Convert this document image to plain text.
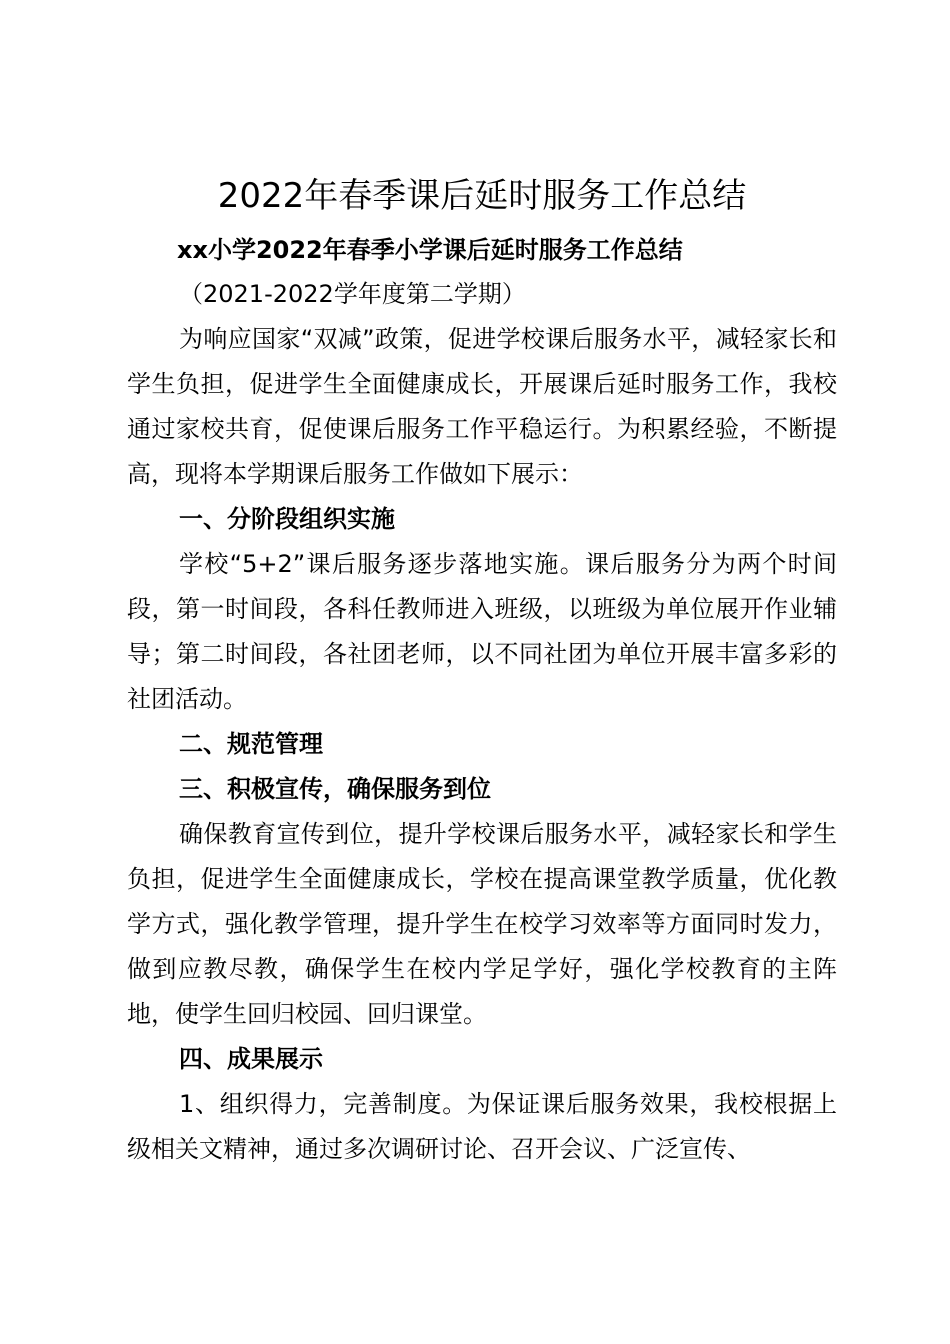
2022年春季课后延时服务工作总结

xx小学2022年春季小学课后延时服务工作总结

（2021-2022学年度第二学期）

为响应国家“双减”政策，促进学校课后服务水平，减轻家长和学生负担，促进学生全面健康成长，开展课后延时服务工作，我校通过家校共育，促使课后服务工作平稳运行。为积累经验，不断提高，现将本学期课后服务工作做如下展示：

一、分阶段组织实施

学校“5+2”课后服务逐步落地实施。课后服务分为两个时间段，第一时间段，各科任教师进入班级，以班级为单位展开作业辅导；第二时间段，各社团老师，以不同社团为单位开展丰富多彩的社团活动。

二、规范管理

三、积极宣传，确保服务到位

确保教育宣传到位，提升学校课后服务水平，减轻家长和学生负担，促进学生全面健康成长，学校在提高课堂教学质量，优化教学方式，强化教学管理，提升学生在校学习效率等方面同时发力，做到应教尽教，确保学生在校内学足学好，强化学校教育的主阵地，使学生回归校园、回归课堂。

四、成果展示

1、组织得力，完善制度。为保证课后服务效果，我校根据上级相关文精神，通过多次调研讨论、召开会议、广泛宣传、
